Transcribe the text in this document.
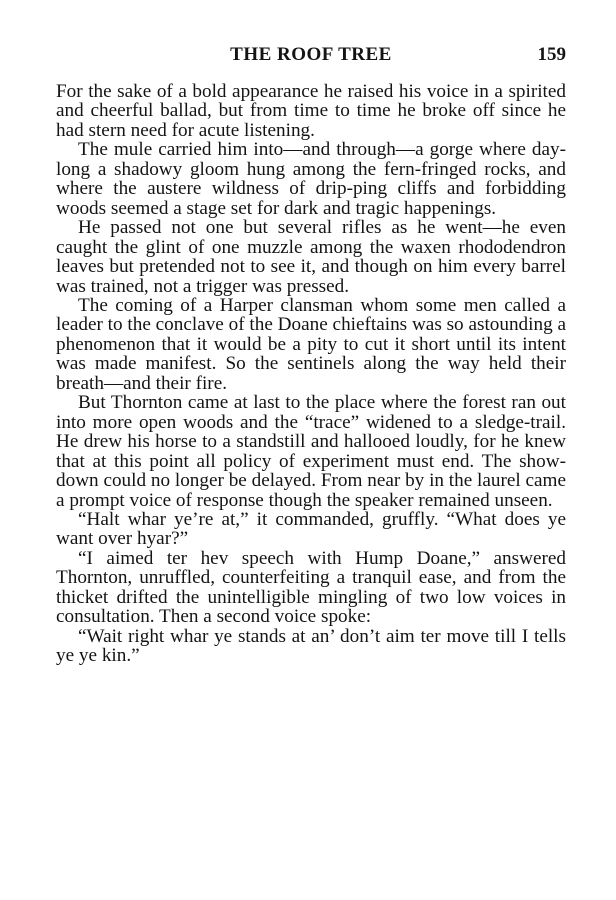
THE ROOF TREE	159

For the sake of a bold appearance he raised his voice in a spirited and cheerful ballad, but from time to time he broke off since he had stern need for acute listening.

The mule carried him into—and through—a gorge where day-long a shadowy gloom hung among the fern-fringed rocks, and where the austere wildness of drip-ping cliffs and forbidding woods seemed a stage set for dark and tragic happenings.

He passed not one but several rifles as he went—he even caught the glint of one muzzle among the waxen rhododendron leaves but pretended not to see it, and though on him every barrel was trained, not a trigger was pressed.

The coming of a Harper clansman whom some men called a leader to the conclave of the Doane chieftains was so astounding a phenomenon that it would be a pity to cut it short until its intent was made manifest. So the sentinels along the way held their breath—and their fire.

But Thornton came at last to the place where the forest ran out into more open woods and the “trace” widened to a sledge-trail. He drew his horse to a standstill and hallooed loudly, for he knew that at this point all policy of experiment must end. The show-down could no longer be delayed. From near by in the laurel came a prompt voice of response though the speaker remained unseen.

“Halt whar ye’re at,” it commanded, gruffly. “What does ye want over hyar?”

“I aimed ter hev speech with Hump Doane,” answered Thornton, unruffled, counterfeiting a tranquil ease, and from the thicket drifted the unintelligible mingling of two low voices in consultation. Then a second voice spoke:

“Wait right whar ye stands at an’ don’t aim ter move till I tells ye ye kin.”
